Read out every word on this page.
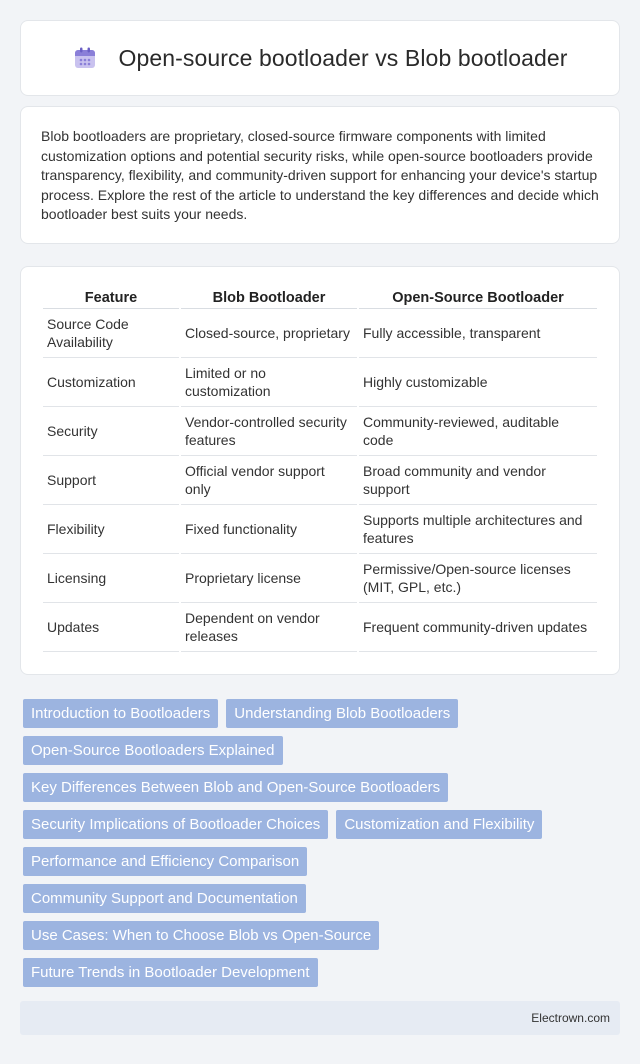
Open-source bootloader vs Blob bootloader

Blob bootloaders are proprietary, closed-source firmware components with limited customization options and potential security risks, while open-source bootloaders provide transparency, flexibility, and community-driven support for enhancing your device's startup process. Explore the rest of the article to understand the key differences and decide which bootloader best suits your needs.

Feature	Blob Bootloader	Open-Source Bootloader
Source Code Availability	Closed-source, proprietary	Fully accessible, transparent
Customization	Limited or no customization	Highly customizable
Security	Vendor-controlled security features	Community-reviewed, auditable code
Support	Official vendor support only	Broad community and vendor support
Flexibility	Fixed functionality	Supports multiple architectures and features
Licensing	Proprietary license	Permissive/Open-source licenses (MIT, GPL, etc.)
Updates	Dependent on vendor releases	Frequent community-driven updates
Introduction to Bootloaders	Understanding Blob Bootloaders
Open-Source Bootloaders Explained
Key Differences Between Blob and Open-Source Bootloaders
Security Implications of Bootloader Choices	Customization and Flexibility
Performance and Efficiency Comparison
Community Support and Documentation
Use Cases: When to Choose Blob vs Open-Source
Future Trends in Bootloader Development
Electrown.com
